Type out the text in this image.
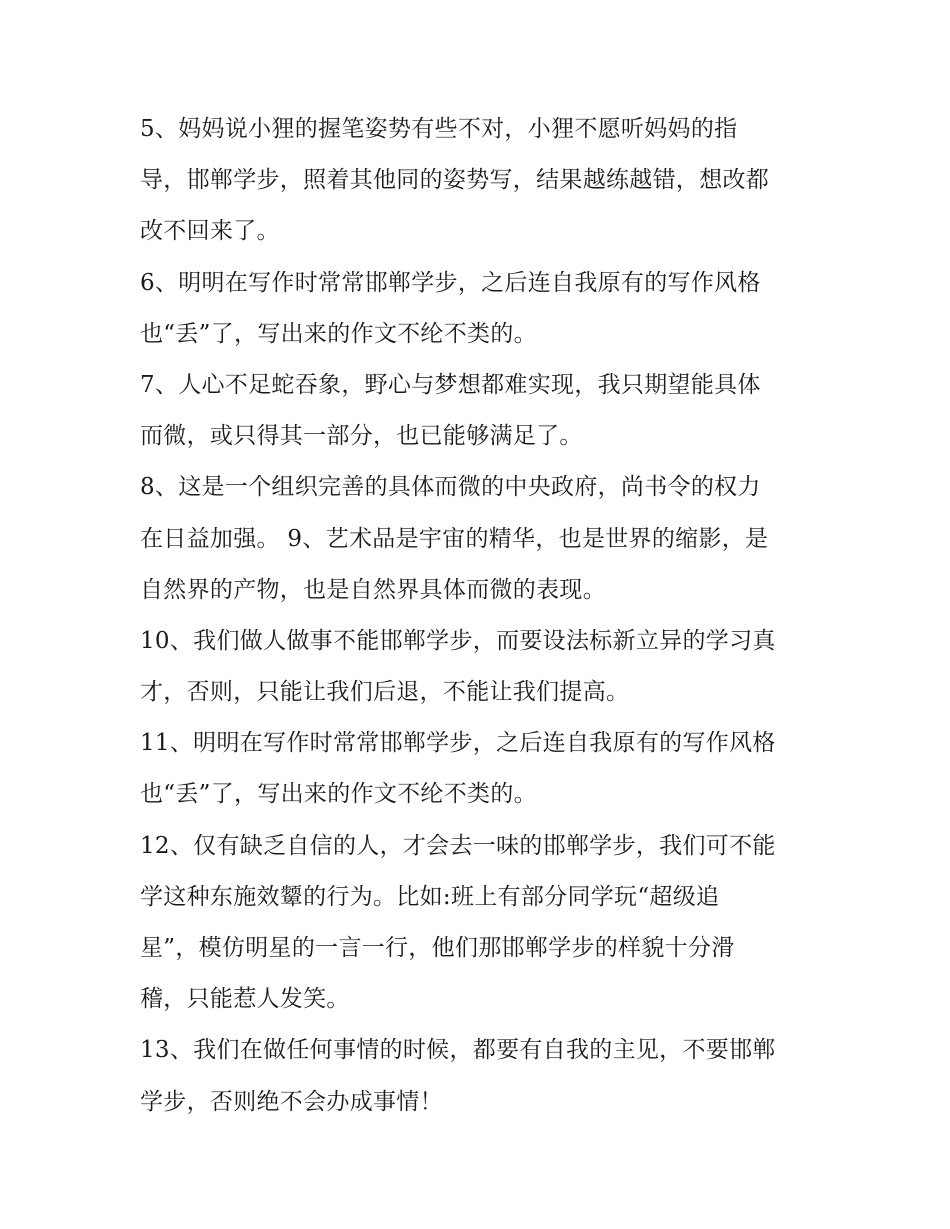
5、妈妈说小狸的握笔姿势有些不对，小狸不愿听妈妈的指
导，邯郸学步，照着其他同的姿势写，结果越练越错，想改都
改不回来了。
6、明明在写作时常常邯郸学步，之后连自我原有的写作风格
也“丢”了，写出来的作文不纶不类的。
7、人心不足蛇吞象，野心与梦想都难实现，我只期望能具体
而微，或只得其一部分，也已能够满足了。
8、这是一个组织完善的具体而微的中央政府，尚书令的权力
在日益加强。 9、艺术品是宇宙的精华，也是世界的缩影，是
自然界的产物，也是自然界具体而微的表现。
10、我们做人做事不能邯郸学步，而要设法标新立异的学习真
才，否则，只能让我们后退，不能让我们提高。
11、明明在写作时常常邯郸学步，之后连自我原有的写作风格
也“丢”了，写出来的作文不纶不类的。
12、仅有缺乏自信的人，才会去一味的邯郸学步，我们可不能
学这种东施效颦的行为。比如:班上有部分同学玩“超级追
星”，模仿明星的一言一行，他们那邯郸学步的样貌十分滑
稽，只能惹人发笑。
13、我们在做任何事情的时候，都要有自我的主见，不要邯郸
学步，否则绝不会办成事情！
